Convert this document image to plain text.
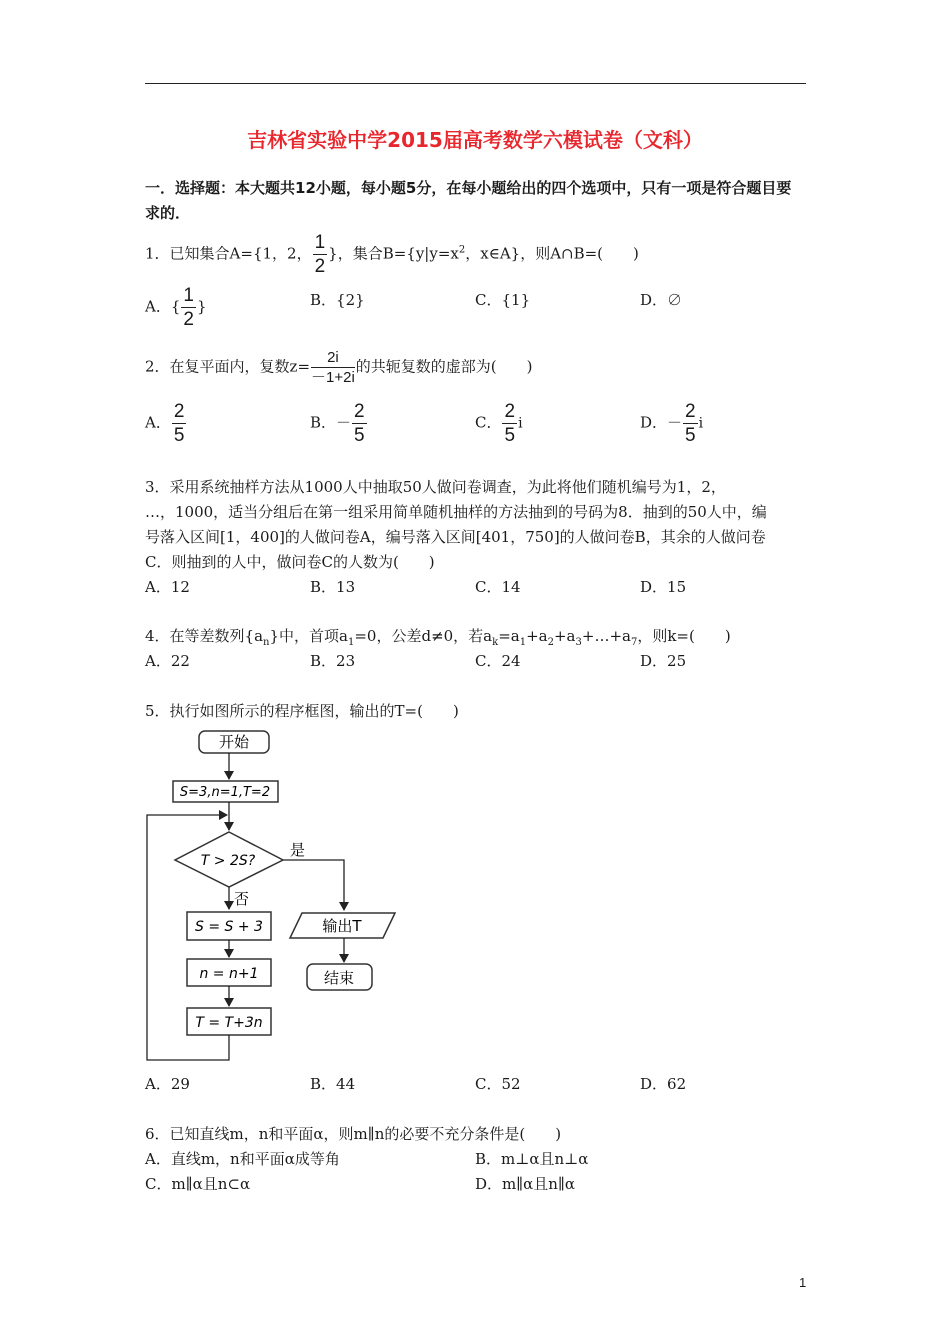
吉林省实验中学2015届高考数学六模试卷（文科）
一．选择题：本大题共12小题，每小题5分，在每小题给出的四个选项中，只有一项是符合题目要求的．
1．已知集合A={1，2， $\frac{1}{2}$ }，集合$B=\{y|y=x^2$，x∈A}，则A∩B=(　　)
A．{ $\frac{1}{2}$ }	B．{2}	C．{1}	D．∅
2．在复平面内，复数$z= \frac{2i}{-1+2i}$ 的共轭复数的虚部为(　　)
A． $\frac{2}{5}$	B．－ $\frac{2}{5}$	C． $\frac{2}{5}$ i	D．－ $\frac{2}{5}$ i
3．采用系统抽样方法从1000人中抽取50人做问卷调查，为此将他们随机编号为1，2，
…，1000，适当分组后在第一组采用简单随机抽样的方法抽到的号码为8．抽到的50人中，编
号落入区间[1，400]的人做问卷A，编号落入区间[401，750]的人做问卷B，其余的人做问卷
C．则抽到的人中，做问卷C的人数为(　　)
A．12	B．13	C．14	D．15
4．在等差数列$\{a_n\}$中，首项$a_1=0$，公差d≠0，若$a_k=a_1+a_2+a_3+\dots+a_7$，则k=(　　)
A．22	B．23	C．24	D．25
5．执行如图所示的程序框图，输出的T=(　　)
开始
S=3,n=1,T=2
T > 2S?
是
输出T
结束
否
S = S + 3
n = n+1
T = T+3n
A．29	B．44	C．52	D．62
6．已知直线m，n和平面α，则m∥n的必要不充分条件是(　　)
A．直线m，n和平面α成等角	B．m⊥α且n⊥α
C．m∥α且n⊂α	D．m∥α且n∥α
1
